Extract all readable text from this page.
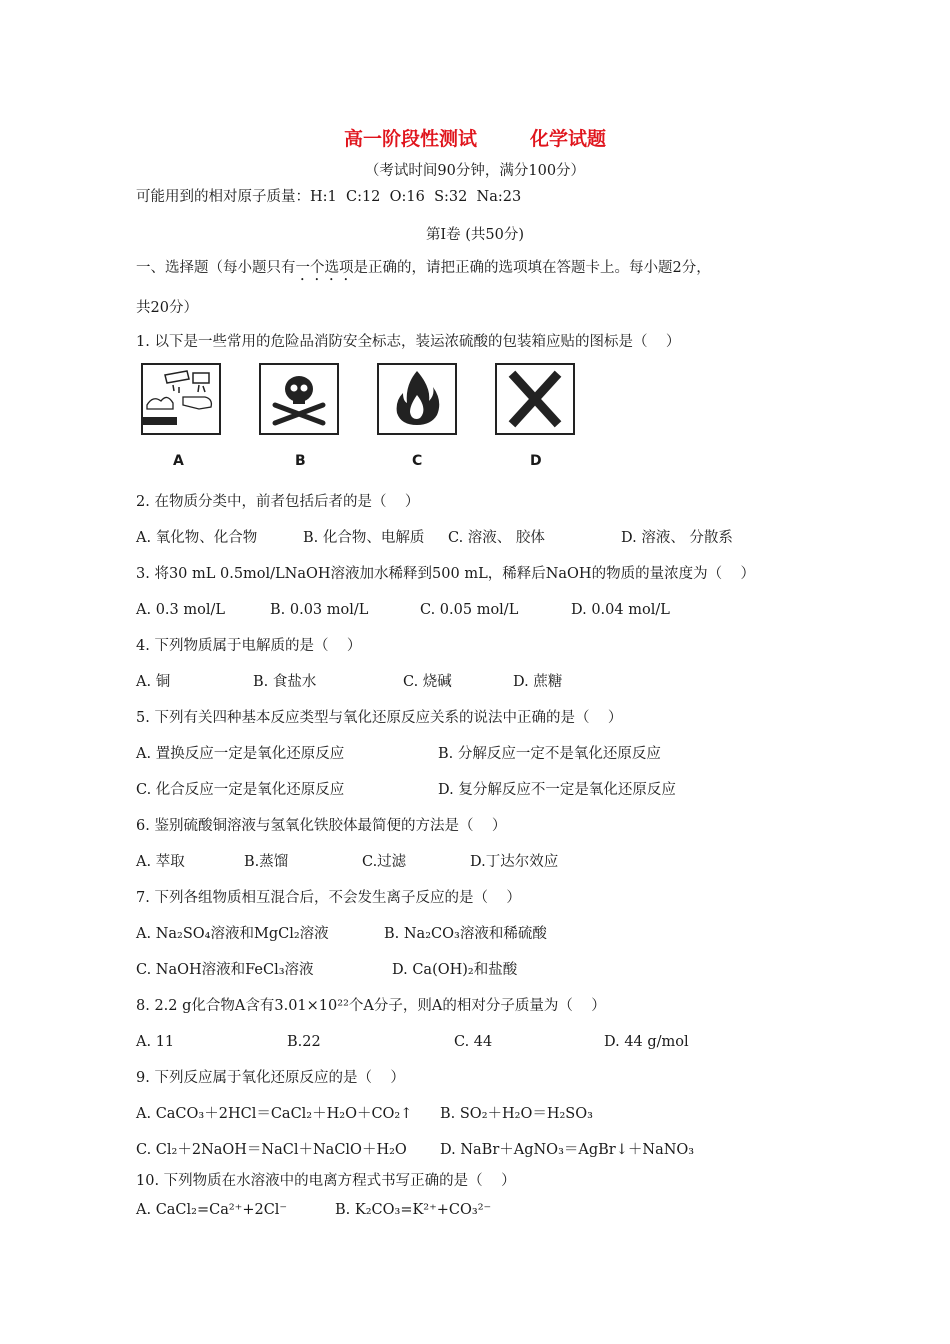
高一阶段性测试        化学试题
（考试时间90分钟，满分100分）
可能用到的相对原子质量：H:1  C:12  O:16  S:32  Na:23
第Ⅰ卷 (共50分)
一、选择题（每小题只有一个选项是正确的，请把正确的选项填在答题卡上。每小题2分，
共20分）
1. 以下是一些常用的危险品消防安全标志，装运浓硫酸的包装箱应贴的图标是（    ）
A	B	C	D
2. 在物质分类中，前者包括后者的是（    ）
A. 氧化物、化合物	B. 化合物、电解质 C. 溶液、 胶体	D. 溶液、 分散系
3. 将30 mL 0.5mol/LNaOH溶液加水稀释到500 mL，稀释后NaOH的物质的量浓度为（    ）
A. 0.3 mol/L	B. 0.03 mol/L	C. 0.05 mol/L	D. 0.04 mol/L
4. 下列物质属于电解质的是（    ）
A. 铜	B. 食盐水	C. 烧碱	D. 蔗糖
5. 下列有关四种基本反应类型与氧化还原反应关系的说法中正确的是（    ）
A. 置换反应一定是氧化还原反应	B. 分解反应一定不是氧化还原反应
C. 化合反应一定是氧化还原反应	D. 复分解反应不一定是氧化还原反应
6. 鉴别硫酸铜溶液与氢氧化铁胶体最简便的方法是（    ）
A. 萃取	B.蒸馏	C.过滤	D.丁达尔效应
7. 下列各组物质相互混合后，不会发生离子反应的是（    ）
A. Na₂SO₄溶液和MgCl₂溶液	B. Na₂CO₃溶液和稀硫酸
C. NaOH溶液和FeCl₃溶液	D. Ca(OH)₂和盐酸
8. 2.2 g化合物A含有3.01×10²²个A分子，则A的相对分子质量为（    ）
A. 11	B.22	C. 44	D. 44 g/mol
9. 下列反应属于氧化还原反应的是（    ）
A. CaCO₃＋2HCl＝CaCl₂＋H₂O＋CO₂↑ B. SO₂＋H₂O＝H₂SO₃
C. Cl₂＋2NaOH＝NaCl＋NaClO＋H₂O D. NaBr＋AgNO₃＝AgBr↓＋NaNO₃
10. 下列物质在水溶液中的电离方程式书写正确的是（    ）
A. CaCl₂=Ca²⁺+2Cl⁻	B. K₂CO₃=K²⁺+CO₃²⁻
